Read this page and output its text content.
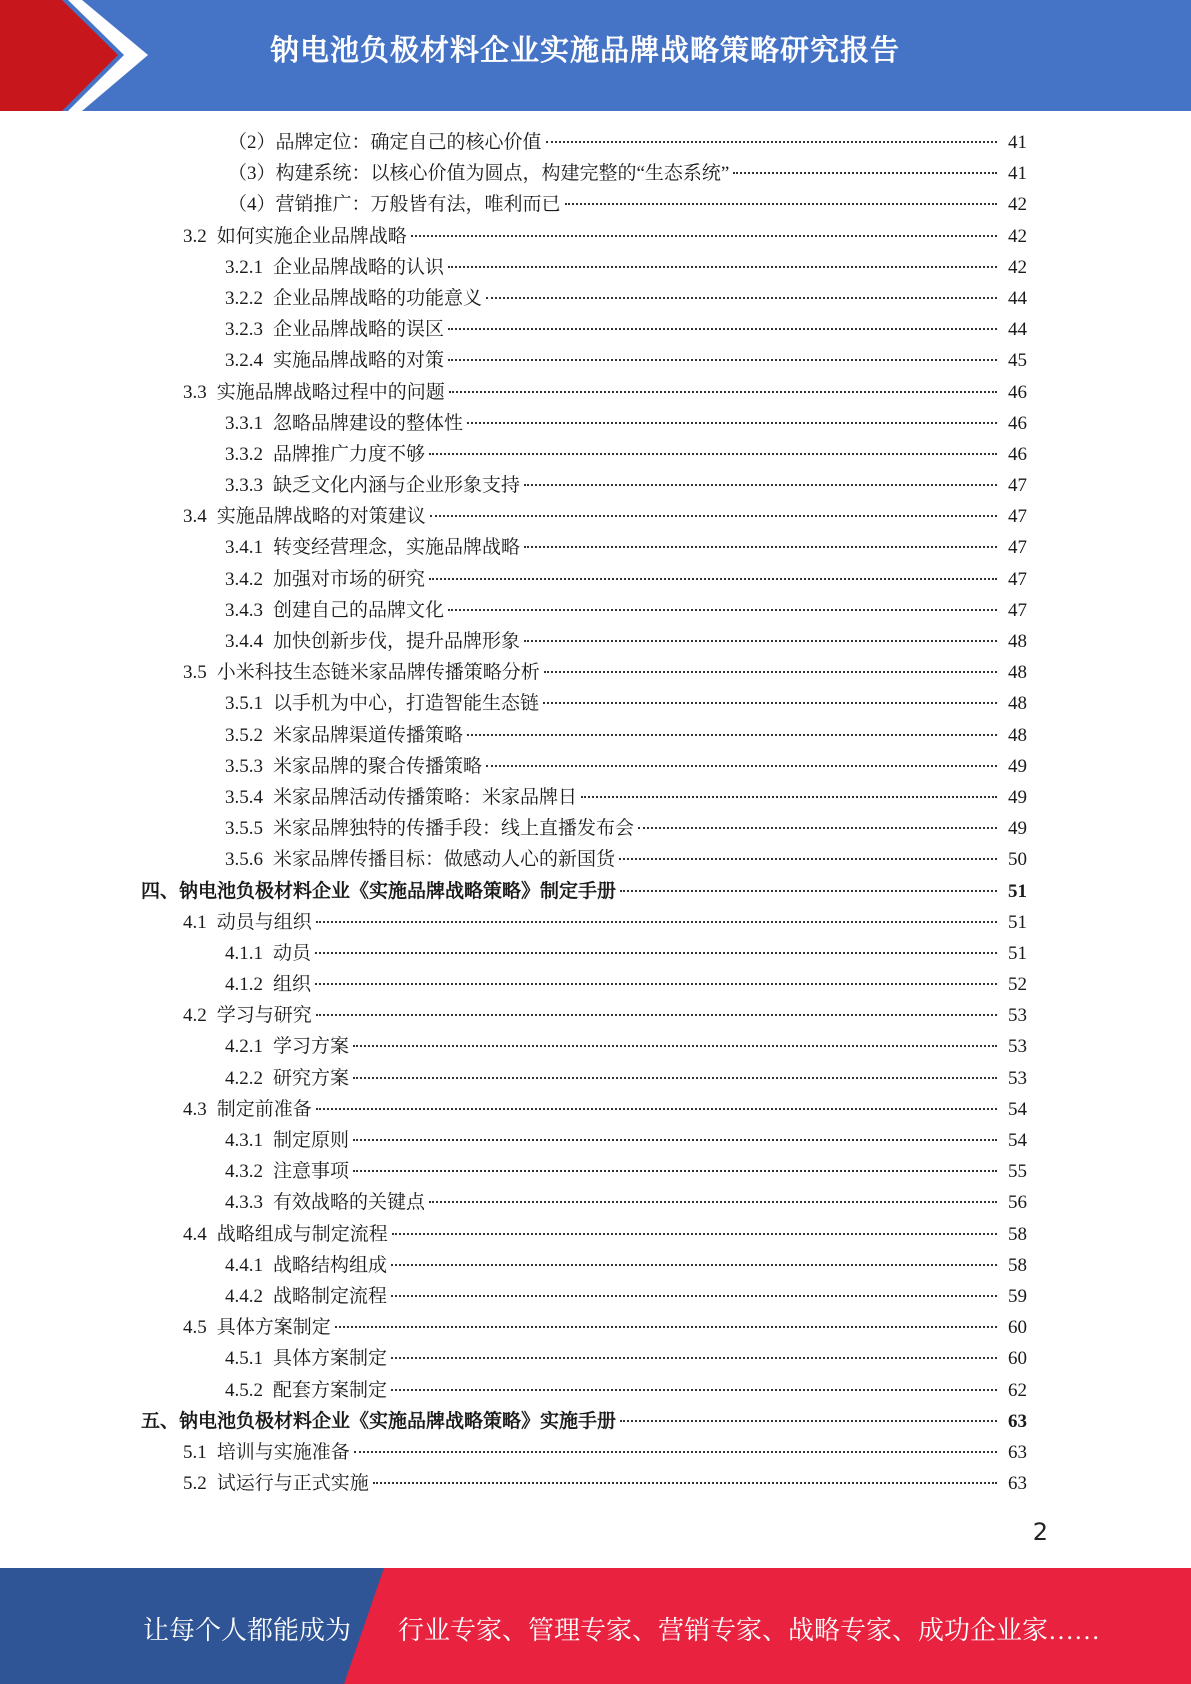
钠电池负极材料企业实施品牌战略策略研究报告
（2）品牌定位：确定自己的核心价值	41
（3）构建系统：以核心价值为圆点，构建完整的“生态系统”	41
（4）营销推广：万般皆有法，唯利而已	42
3.2 如何实施企业品牌战略	42
3.2.1 企业品牌战略的认识	42
3.2.2 企业品牌战略的功能意义	44
3.2.3 企业品牌战略的误区	44
3.2.4 实施品牌战略的对策	45
3.3 实施品牌战略过程中的问题	46
3.3.1 忽略品牌建设的整体性	46
3.3.2 品牌推广力度不够	46
3.3.3 缺乏文化内涵与企业形象支持	47
3.4 实施品牌战略的对策建议	47
3.4.1 转变经营理念，实施品牌战略	47
3.4.2 加强对市场的研究	47
3.4.3 创建自己的品牌文化	47
3.4.4 加快创新步伐，提升品牌形象	48
3.5 小米科技生态链米家品牌传播策略分析	48
3.5.1 以手机为中心，打造智能生态链	48
3.5.2 米家品牌渠道传播策略	48
3.5.3 米家品牌的聚合传播策略	49
3.5.4 米家品牌活动传播策略：米家品牌日	49
3.5.5 米家品牌独特的传播手段：线上直播发布会	49
3.5.6 米家品牌传播目标：做感动人心的新国货	50
四、钠电池负极材料企业《实施品牌战略策略》制定手册	51
4.1 动员与组织	51
4.1.1 动员	51
4.1.2 组织	52
4.2 学习与研究	53
4.2.1 学习方案	53
4.2.2 研究方案	53
4.3 制定前准备	54
4.3.1 制定原则	54
4.3.2 注意事项	55
4.3.3 有效战略的关键点	56
4.4 战略组成与制定流程	58
4.4.1 战略结构组成	58
4.4.2 战略制定流程	59
4.5 具体方案制定	60
4.5.1 具体方案制定	60
4.5.2 配套方案制定	62
五、钠电池负极材料企业《实施品牌战略策略》实施手册	63
5.1 培训与实施准备	63
5.2 试运行与正式实施	63
2
让每个人都能成为 行业专家、管理专家、营销专家、战略专家、成功企业家……
